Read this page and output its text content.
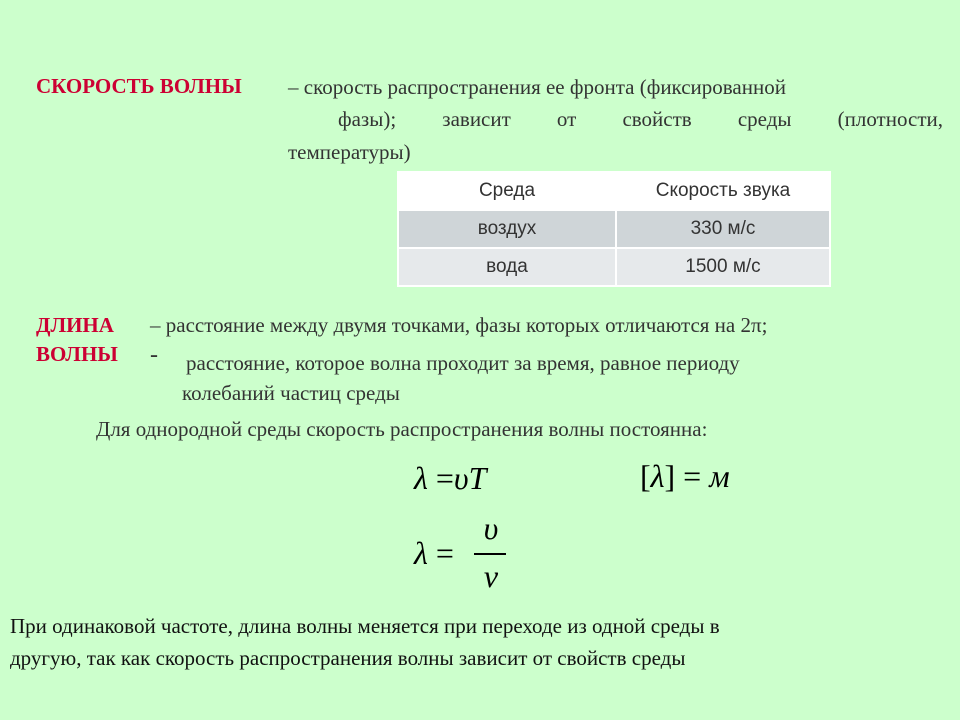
СКОРОСТЬ ВОЛНЫ – скорость распространения ее фронта (фиксированной
фазы); зависит от свойств среды (плотности,
температуры)
Среда	Скорость звука
воздух	330 м/с
вода	1500 м/с
ДЛИНА
ВОЛНЫ
– расстояние между двумя точками, фазы которых отличаются на 2π;
- расстояние, которое волна проходит за время, равное периоду
колебаний частиц среды
Для однородной среды скорость распространения волны постоянна:
λ =υT	[λ] = м
λ =
υ
ν
При одинаковой частоте, длина волны меняется при переходе из одной среды в
другую, так как скорость распространения волны зависит от свойств среды
